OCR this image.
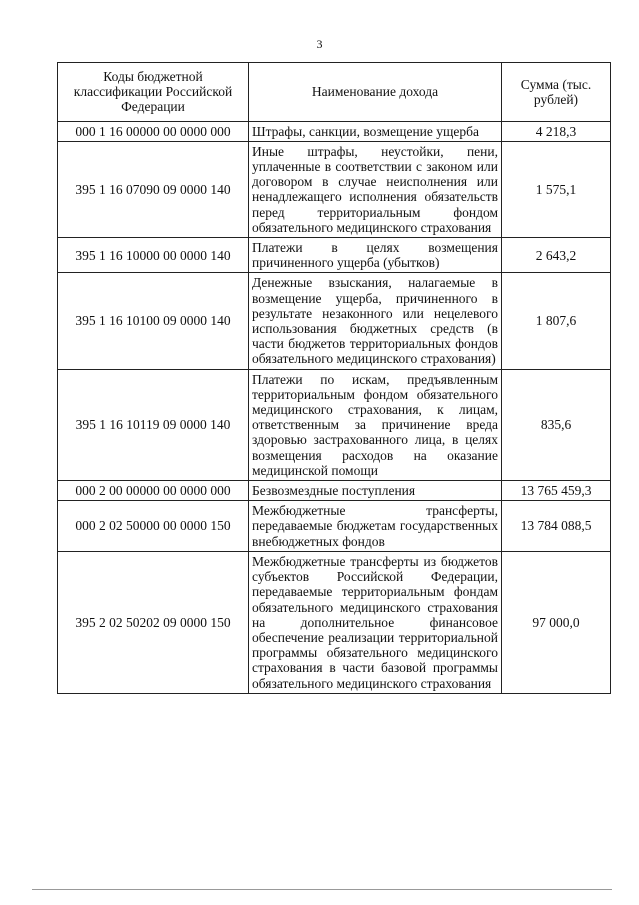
3
Коды бюджетной классификации Российской Федерации	Наименование дохода	Сумма (тыс. рублей)
000 1 16 00000 00 0000 000	Штрафы, санкции, возмещение ущерба	4 218,3
395 1 16 07090 09 0000 140	Иные штрафы, неустойки, пени, уплаченные в соответствии с законом или договором в случае неисполнения или ненадлежащего исполнения обязательств перед территориальным фондом обязательного медицинского страхования	1 575,1
395 1 16 10000 00 0000 140	Платежи в целях возмещения причиненного ущерба (убытков)	2 643,2
395 1 16 10100 09 0000 140	Денежные взыскания, налагаемые в возмещение ущерба, причиненного в результате незаконного или нецелевого использования бюджетных средств (в части бюджетов территориальных фондов обязательного медицинского страхования)	1 807,6
395 1 16 10119 09 0000 140	Платежи по искам, предъявленным территориальным фондом обязательного медицинского страхования, к лицам, ответственным за причинение вреда здоровью застрахованного лица, в целях возмещения расходов на оказание медицинской помощи	835,6
000 2 00 00000 00 0000 000	Безвозмездные поступления	13 765 459,3
000 2 02 50000 00 0000 150	Межбюджетные трансферты, передаваемые бюджетам государственных внебюджетных фондов	13 784 088,5
395 2 02 50202 09 0000 150	Межбюджетные трансферты из бюджетов субъектов Российской Федерации, передаваемые территориальным фондам обязательного медицинского страхования на дополнительное финансовое обеспечение реализации территориальной программы обязательного медицинского страхования в части базовой программы обязательного медицинского страхования	97 000,0
